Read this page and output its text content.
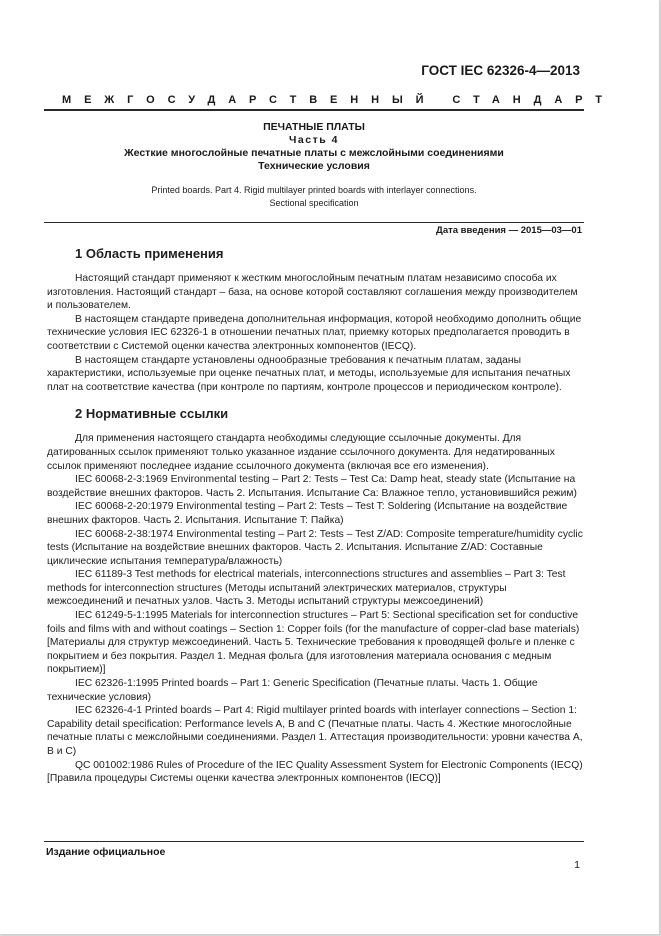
ГОСТ IEC 62326-4—2013
МЕЖГОСУДАРСТВЕННЫЙ СТАНДАРТ
ПЕЧАТНЫЕ ПЛАТЫ
Часть 4
Жесткие многослойные печатные платы с межслойными соединениями
Технические условия
Printed boards. Part 4. Rigid multilayer printed boards with interlayer connections.
Sectional specification
Дата введения — 2015—03—01
1 Область применения

Настоящий стандарт применяют к жестким многослойным печатным платам независимо способа их изготовления. Настоящий стандарт – база, на основе которой составляют соглашения между производителем и пользователем.

В настоящем стандарте приведена дополнительная информация, которой необходимо дополнить общие технические условия IEC 62326-1 в отношении печатных плат, приемку которых предполагается проводить в соответствии с Системой оценки качества электронных компонентов (IECQ).

В настоящем стандарте установлены однообразные требования к печатным платам, заданы характеристики, используемые при оценке печатных плат, и методы, используемые для испытания печатных плат на соответствие качества (при контроле по партиям, контроле процессов и периодическом контроле).

2 Нормативные ссылки

Для применения настоящего стандарта необходимы следующие ссылочные документы. Для датированных ссылок применяют только указанное издание ссылочного документа. Для недатированных ссылок применяют последнее издание ссылочного документа (включая все его изменения).

IEC 60068-2-3:1969 Environmental testing – Part 2: Tests – Test Ca: Damp heat, steady state (Испытание на воздействие внешних факторов. Часть 2. Испытания. Испытание Ca: Влажное тепло, установившийся режим)

IEC 60068-2-20:1979 Environmental testing – Part 2: Tests – Test T: Soldering (Испытание на воздействие внешних факторов. Часть 2. Испытания. Испытание T: Пайка)

IEC 60068-2-38:1974 Environmental testing – Part 2: Tests – Test Z/AD: Composite temperature/humidity cyclic tests (Испытание на воздействие внешних факторов. Часть 2. Испытания. Испытание Z/AD: Составные циклические испытания температура/влажность)

IEC 61189-3 Test methods for electrical materials, interconnections structures and assemblies – Part 3: Test methods for interconnection structures (Методы испытаний электрических материалов, структуры межсоединений и печатных узлов. Часть 3. Методы испытаний структуры межсоединений)

IEC 61249-5-1:1995 Materials for interconnection structures – Part 5: Sectional specification set for conductive foils and films with and without coatings – Section 1: Copper foils (for the manufacture of copper-clad base materials) [Материалы для структур межсоединений. Часть 5. Технические требования к проводящей фольге и пленке с покрытием и без покрытия. Раздел 1. Медная фольга (для изготовления материала основания с медным покрытием)]

IEC 62326-1:1995 Printed boards – Part 1: Generic Specification (Печатные платы. Часть 1. Общие технические условия)

IEC 62326-4-1 Printed boards – Part 4: Rigid multilayer printed boards with interlayer connections – Section 1: Capability detail specification: Performance levels A, B and C (Печатные платы. Часть 4. Жесткие многослойные печатные платы с межслойными соединениями. Раздел 1. Аттестация производительности: уровни качества A, B и C)

QC 001002:1986 Rules of Procedure of the IEC Quality Assessment System for Electronic Components (IECQ) [Правила процедуры Системы оценки качества электронных компонентов (IECQ)]

Издание официальное
1
